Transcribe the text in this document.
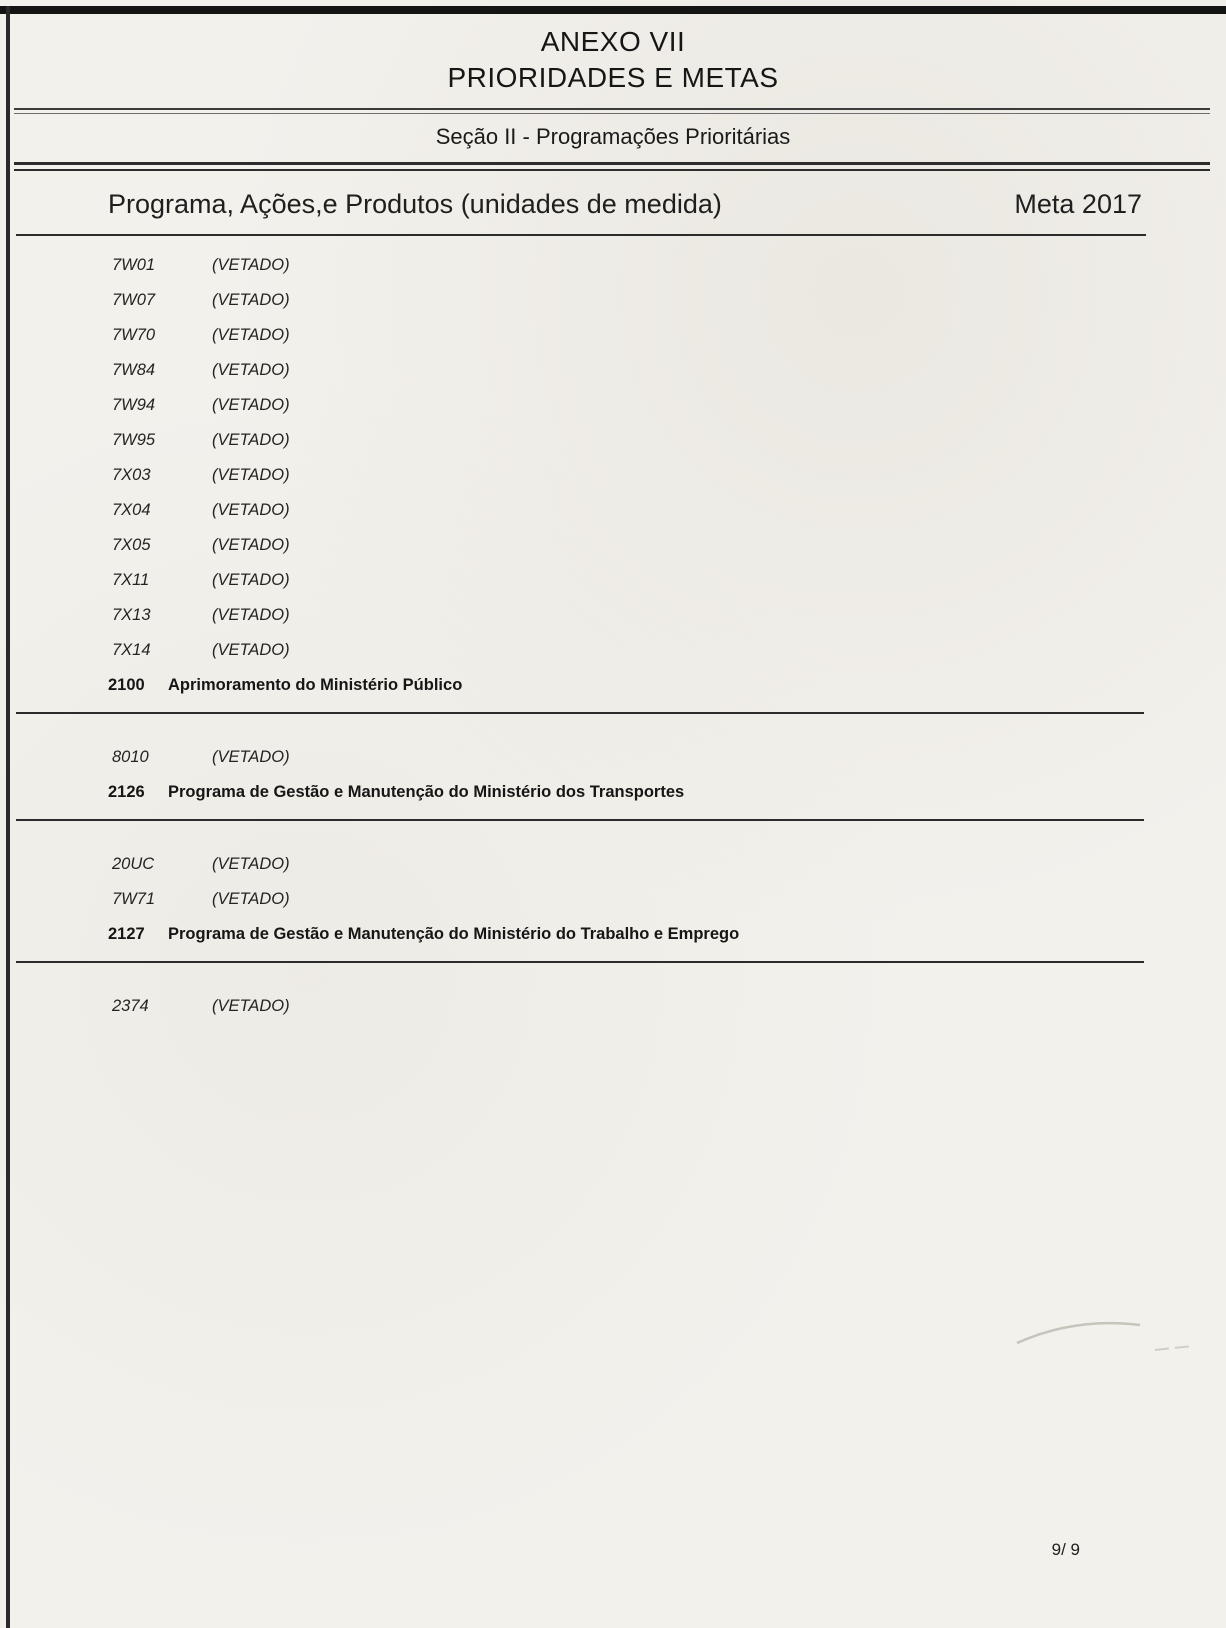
ANEXO VII
PRIORIDADES E METAS
Seção II - Programações Prioritárias
Programa, Ações,e Produtos (unidades de medida)	Meta 2017
7W01	(VETADO)
7W07	(VETADO)
7W70	(VETADO)
7W84	(VETADO)
7W94	(VETADO)
7W95	(VETADO)
7X03	(VETADO)
7X04	(VETADO)
7X05	(VETADO)
7X11	(VETADO)
7X13	(VETADO)
7X14	(VETADO)
2100	Aprimoramento do Ministério Público
8010	(VETADO)
2126	Programa de Gestão e Manutenção do Ministério dos Transportes
20UC	(VETADO)
7W71	(VETADO)
2127	Programa de Gestão e Manutenção do Ministério do Trabalho e Emprego
2374	(VETADO)
9/ 9
